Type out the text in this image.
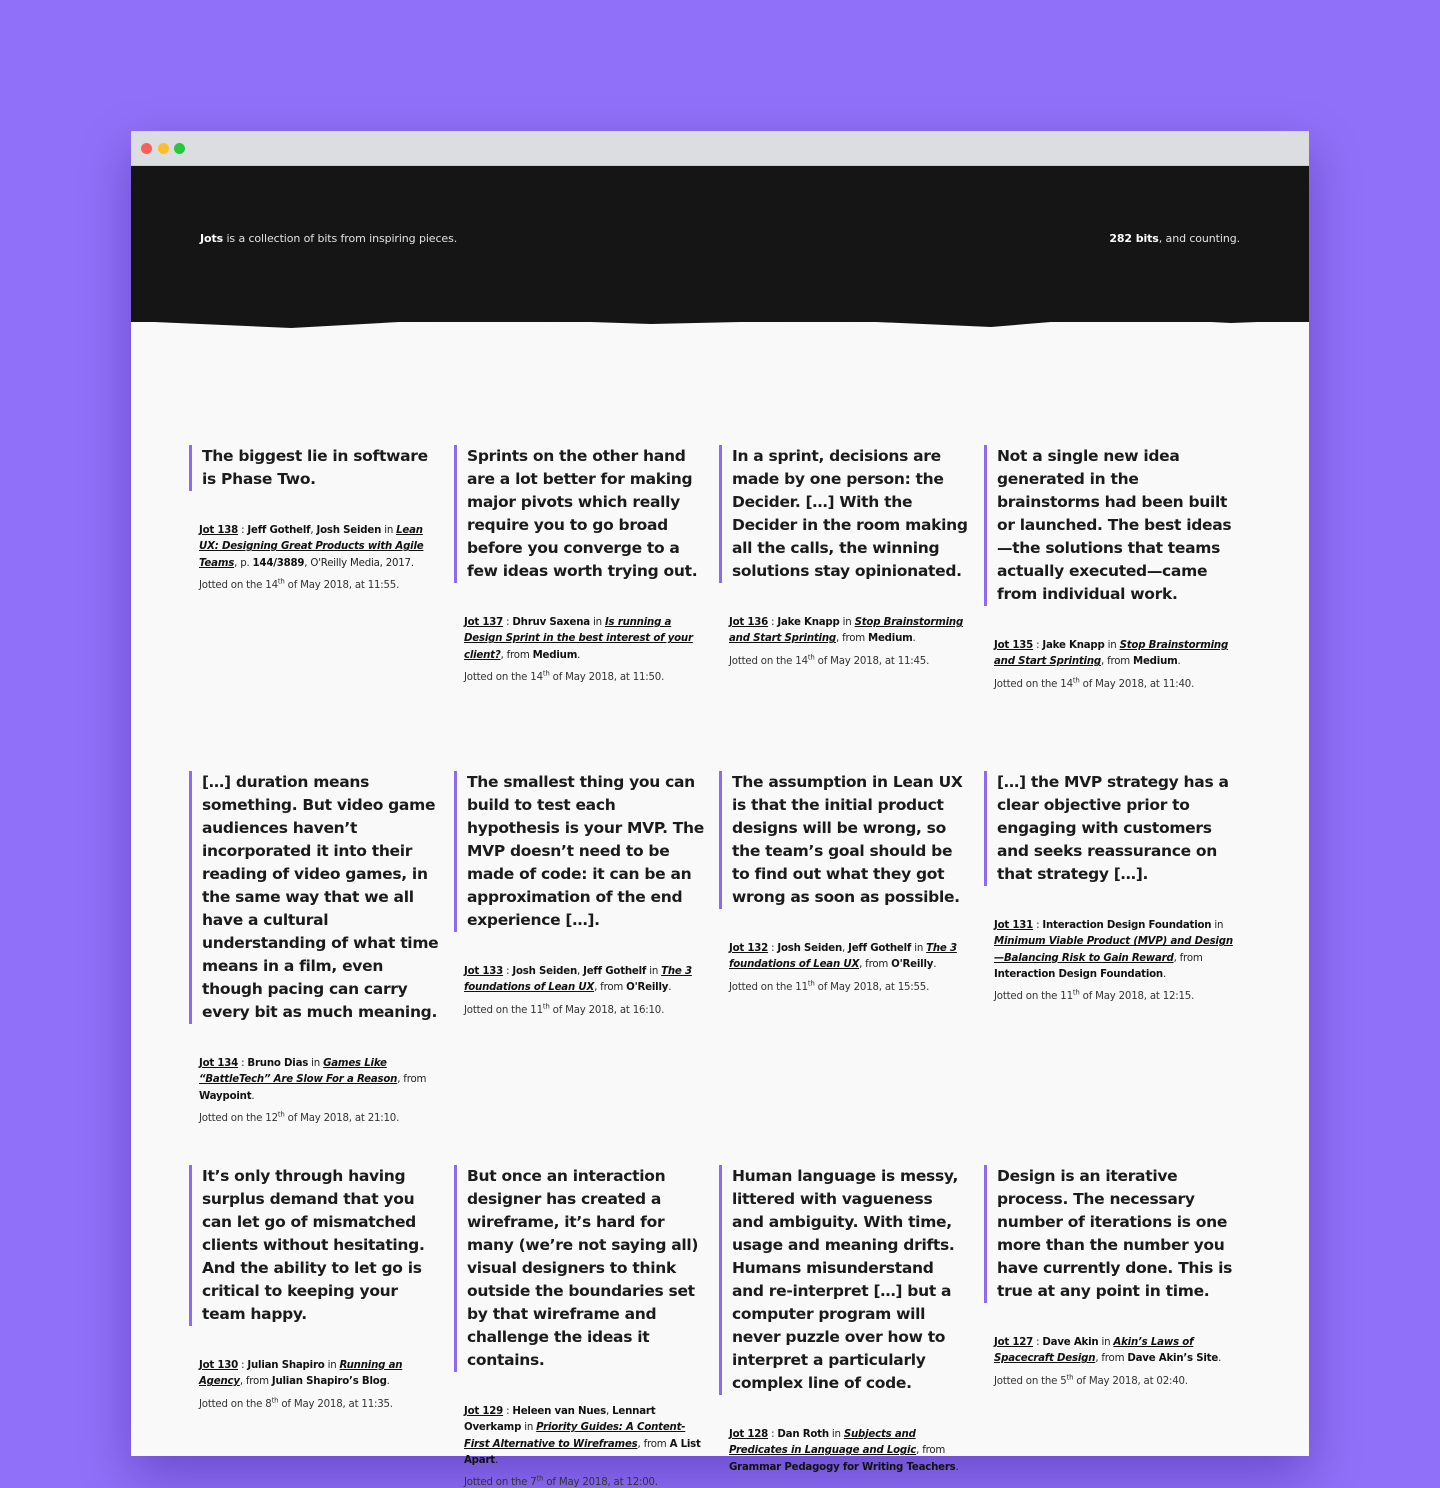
Jots is a collection of bits from inspiring pieces.	282 bits, and counting.

The biggest lie in software is Phase Two.

Jot 138 : Jeff Gothelf, Josh Seiden in Lean UX: Designing Great Products with Agile Teams, p. 144/3889, O'Reilly Media, 2017.
Jotted on the 14th of May 2018, at 11:55.

Sprints on the other hand are a lot better for making major pivots which really require you to go broad before you converge to a few ideas worth trying out.

Jot 137 : Dhruv Saxena in Is running a Design Sprint in the best interest of your client?, from Medium.
Jotted on the 14th of May 2018, at 11:50.

In a sprint, decisions are made by one person: the Decider. […] With the Decider in the room making all the calls, the winning solutions stay opinionated.

Jot 136 : Jake Knapp in Stop Brainstorming and Start Sprinting, from Medium.
Jotted on the 14th of May 2018, at 11:45.

Not a single new idea generated in the brainstorms had been built or launched. The best ideas—the solutions that teams actually executed—came from individual work.

Jot 135 : Jake Knapp in Stop Brainstorming and Start Sprinting, from Medium.
Jotted on the 14th of May 2018, at 11:40.

[…] duration means something. But video game audiences haven’t incorporated it into their reading of video games, in the same way that we all have a cultural understanding of what time means in a film, even though pacing can carry every bit as much meaning.

Jot 134 : Bruno Dias in Games Like “BattleTech” Are Slow For a Reason, from Waypoint.
Jotted on the 12th of May 2018, at 21:10.

The smallest thing you can build to test each hypothesis is your MVP. The MVP doesn’t need to be made of code: it can be an approximation of the end experience […].

Jot 133 : Josh Seiden, Jeff Gothelf in The 3 foundations of Lean UX, from O'Reilly.
Jotted on the 11th of May 2018, at 16:10.

The assumption in Lean UX is that the initial product designs will be wrong, so the team’s goal should be to find out what they got wrong as soon as possible.

Jot 132 : Josh Seiden, Jeff Gothelf in The 3 foundations of Lean UX, from O'Reilly.
Jotted on the 11th of May 2018, at 15:55.

[…] the MVP strategy has a clear objective prior to engaging with customers and seeks reassurance on that strategy […].

Jot 131 : Interaction Design Foundation in Minimum Viable Product (MVP) and Design—Balancing Risk to Gain Reward, from Interaction Design Foundation.
Jotted on the 11th of May 2018, at 12:15.

It’s only through having surplus demand that you can let go of mismatched clients without hesitating. And the ability to let go is critical to keeping your team happy.

Jot 130 : Julian Shapiro in Running an Agency, from Julian Shapiro’s Blog.
Jotted on the 8th of May 2018, at 11:35.

But once an interaction designer has created a wireframe, it’s hard for many (we’re not saying all) visual designers to think outside the boundaries set by that wireframe and challenge the ideas it contains.

Jot 129 : Heleen van Nues, Lennart Overkamp in Priority Guides: A Content-First Alternative to Wireframes, from A List Apart.
Jotted on the 7th of May 2018, at 12:00.

Human language is messy, littered with vagueness and ambiguity. With time, usage and meaning drifts. Humans misunderstand and re-interpret […] but a computer program will never puzzle over how to interpret a particularly complex line of code.

Jot 128 : Dan Roth in Subjects and Predicates in Language and Logic, from Grammar Pedagogy for Writing Teachers.

Design is an iterative process. The necessary number of iterations is one more than the number you have currently done. This is true at any point in time.

Jot 127 : Dave Akin in Akin’s Laws of Spacecraft Design, from Dave Akin’s Site.
Jotted on the 5th of May 2018, at 02:40.
